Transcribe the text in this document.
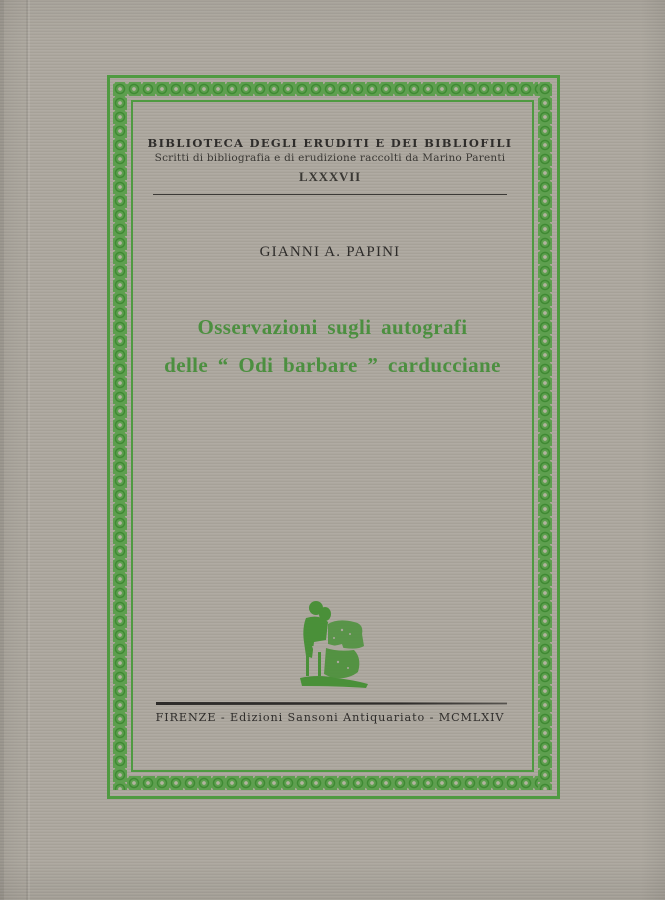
BIBLIOTECA DEGLI ERUDITI E DEI BIBLIOFILI
Scritti di bibliografia e di erudizione raccolti da Marino Parenti
LXXXVII
GIANNI A. PAPINI
Osservazioni sugli autografi
delle “ Odi barbare ” carducciane
FIRENZE - Edizioni Sansoni Antiquariato - MCMLXIV
